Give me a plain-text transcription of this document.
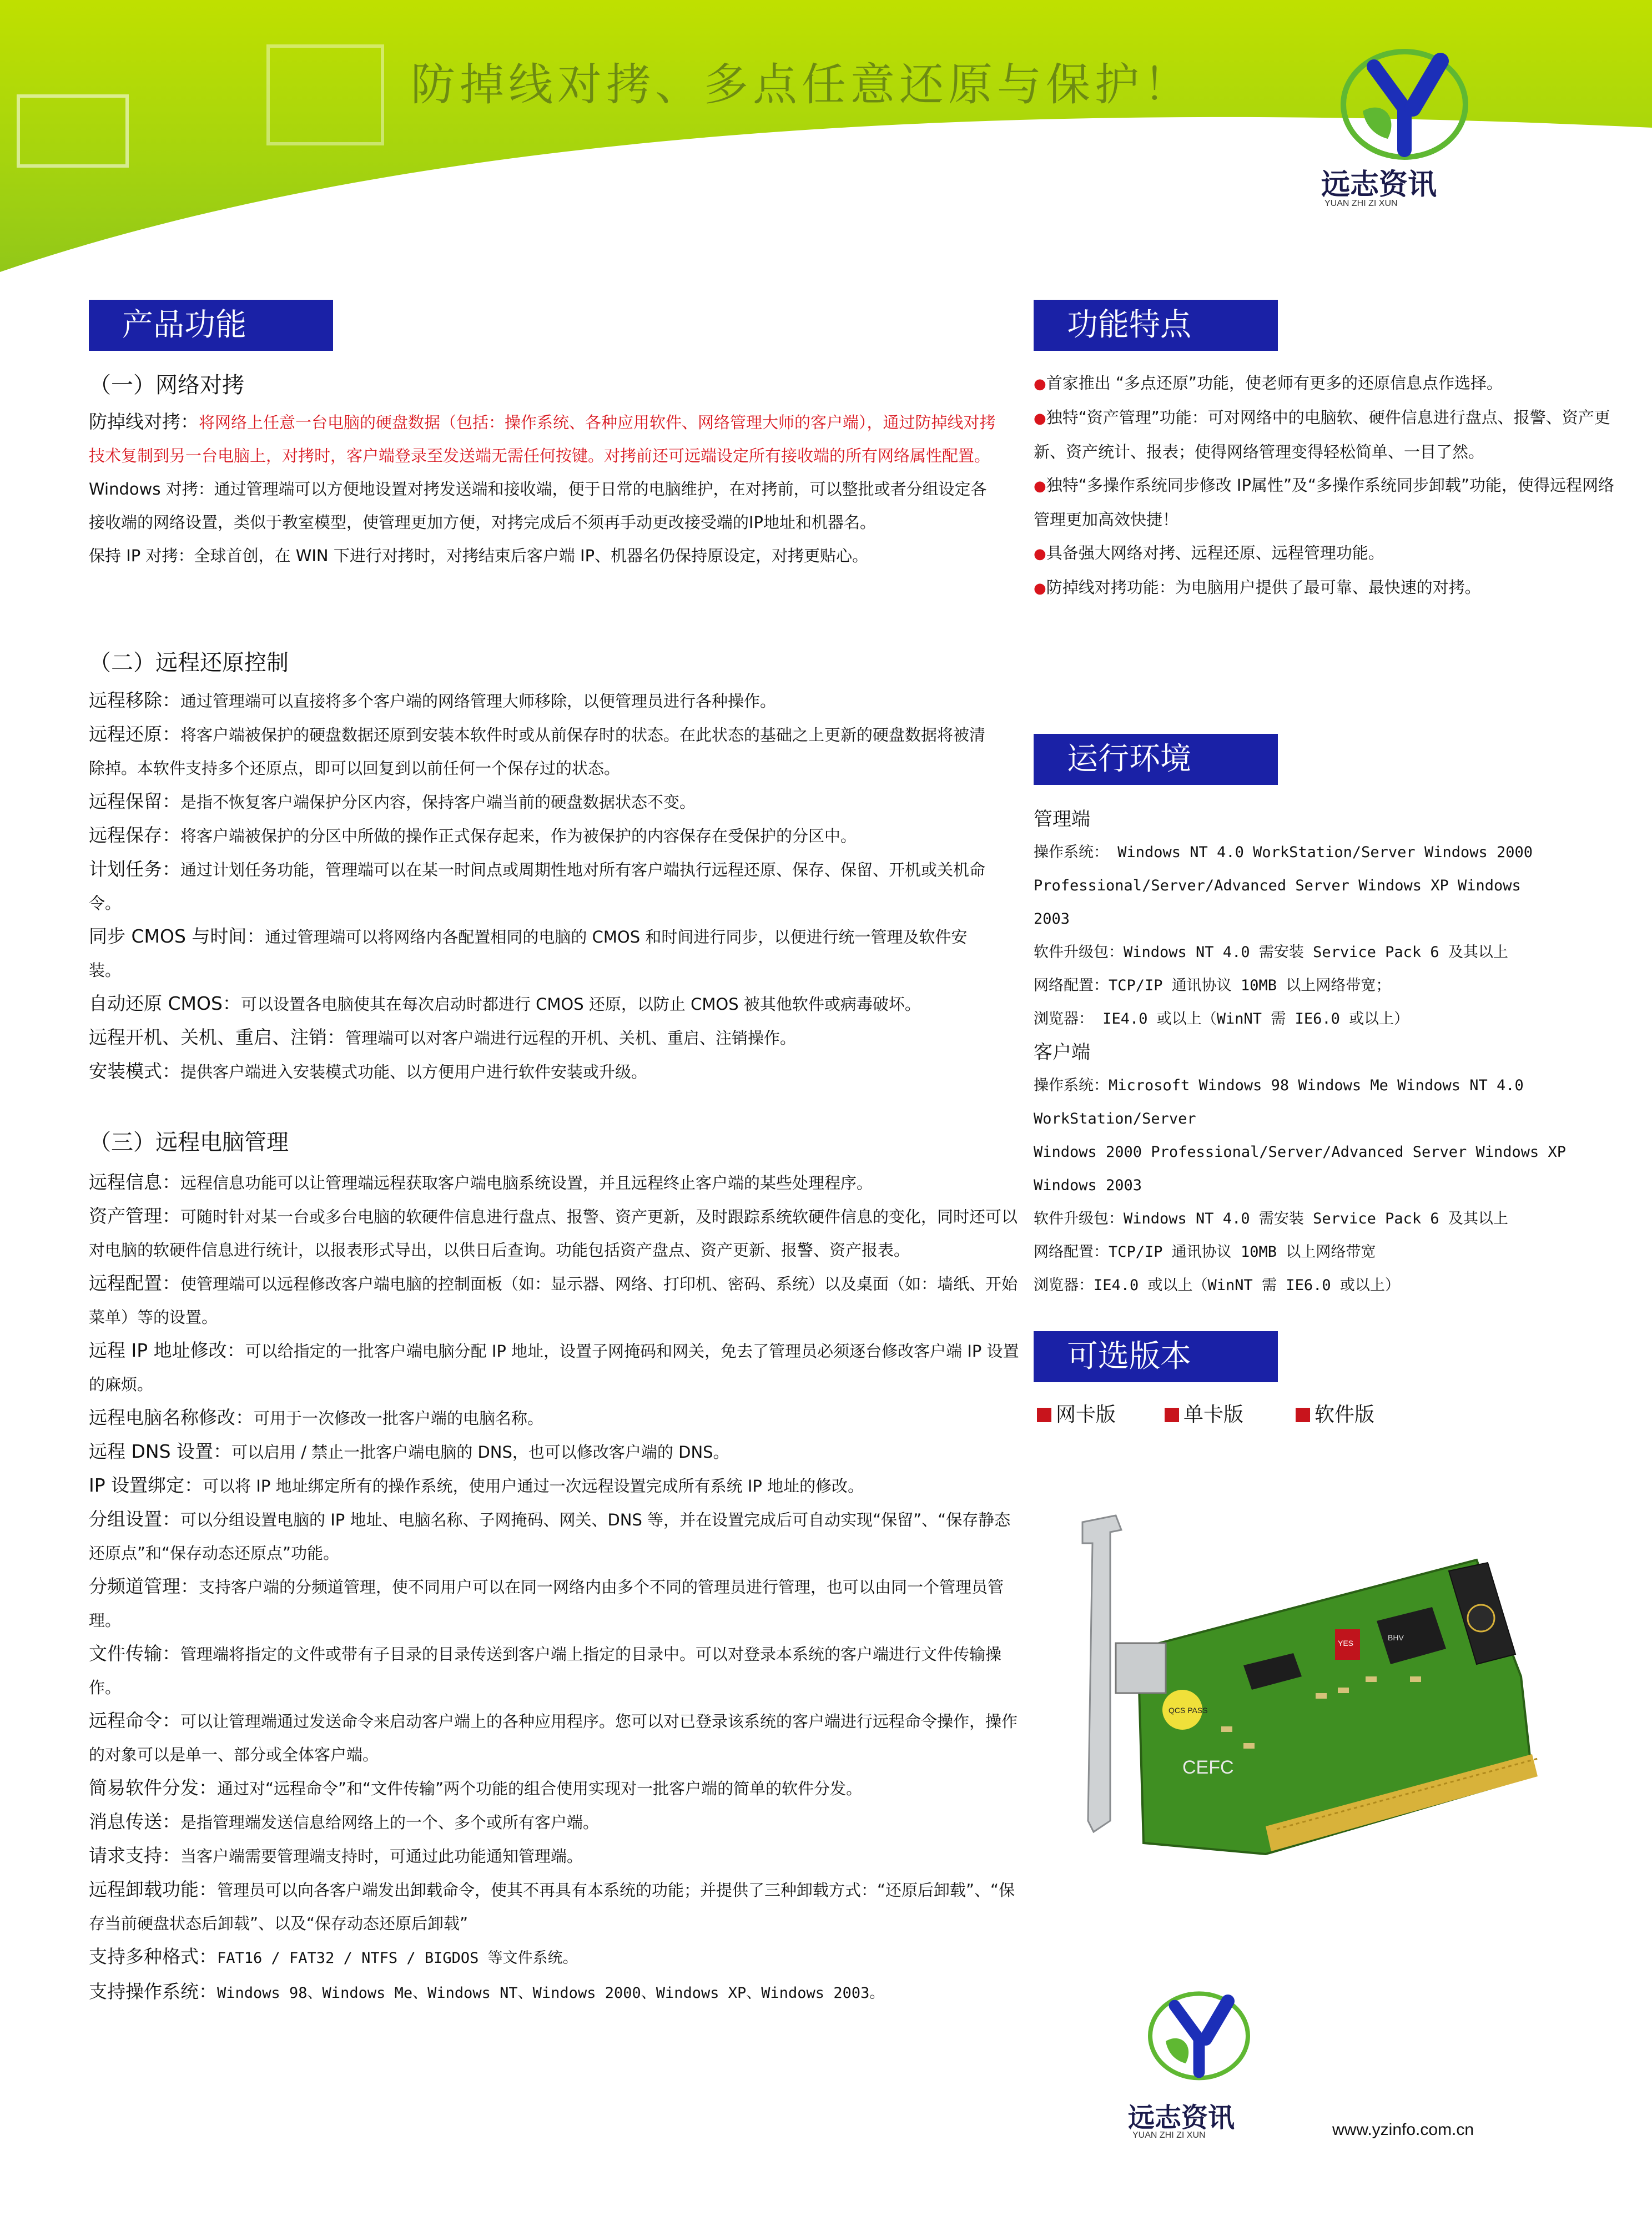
防掉线对拷、多点任意还原与保护！
远志资讯
YUAN ZHI ZI XUN
产品功能
（一）网络对拷

防掉线对拷：将网络上任意一台电脑的硬盘数据（包括：操作系统、各种应用软件、网络管理大师的客户端），通过防掉线对拷技术复制到另一台电脑上，对拷时，客户端登录至发送端无需任何按键。对拷前还可远端设定所有接收端的所有网络属性配置。

Windows 对拷：通过管理端可以方便地设置对拷发送端和接收端，便于日常的电脑维护，在对拷前，可以整批或者分组设定各接收端的网络设置，类似于教室模型，使管理更加方便，对拷完成后不须再手动更改接受端的IP地址和机器名。

保持 IP 对拷：全球首创，在 WIN 下进行对拷时，对拷结束后客户端 IP、机器名仍保持原设定，对拷更贴心。

（二）远程还原控制

远程移除：通过管理端可以直接将多个客户端的网络管理大师移除，以便管理员进行各种操作。

远程还原：将客户端被保护的硬盘数据还原到安装本软件时或从前保存时的状态。在此状态的基础之上更新的硬盘数据将被清除掉。本软件支持多个还原点，即可以回复到以前任何一个保存过的状态。

远程保留：是指不恢复客户端保护分区内容，保持客户端当前的硬盘数据状态不变。

远程保存：将客户端被保护的分区中所做的操作正式保存起来，作为被保护的内容保存在受保护的分区中。

计划任务：通过计划任务功能，管理端可以在某一时间点或周期性地对所有客户端执行远程还原、保存、保留、开机或关机命令。

同步 CMOS 与时间：通过管理端可以将网络内各配置相同的电脑的 CMOS 和时间进行同步，以便进行统一管理及软件安装。

自动还原 CMOS：可以设置各电脑使其在每次启动时都进行 CMOS 还原，以防止 CMOS 被其他软件或病毒破坏。

远程开机、关机、重启、注销：管理端可以对客户端进行远程的开机、关机、重启、注销操作。

安装模式：提供客户端进入安装模式功能、以方便用户进行软件安装或升级。

（三）远程电脑管理

远程信息：远程信息功能可以让管理端远程获取客户端电脑系统设置，并且远程终止客户端的某些处理程序。

资产管理：可随时针对某一台或多台电脑的软硬件信息进行盘点、报警、资产更新，及时跟踪系统软硬件信息的变化，同时还可以对电脑的软硬件信息进行统计，以报表形式导出，以供日后查询。功能包括资产盘点、资产更新、报警、资产报表。

远程配置：使管理端可以远程修改客户端电脑的控制面板（如：显示器、网络、打印机、密码、系统）以及桌面（如：墙纸、开始菜单）等的设置。

远程 IP 地址修改：可以给指定的一批客户端电脑分配 IP 地址，设置子网掩码和网关，免去了管理员必须逐台修改客户端 IP 设置的麻烦。

远程电脑名称修改：可用于一次修改一批客户端的电脑名称。

远程 DNS 设置：可以启用 / 禁止一批客户端电脑的 DNS，也可以修改客户端的 DNS。

IP 设置绑定：可以将 IP 地址绑定所有的操作系统，使用户通过一次远程设置完成所有系统 IP 地址的修改。

分组设置：可以分组设置电脑的 IP 地址、电脑名称、子网掩码、网关、DNS 等，并在设置完成后可自动实现“保留”、“保存静态还原点”和“保存动态还原点”功能。

分频道管理：支持客户端的分频道管理，使不同用户可以在同一网络内由多个不同的管理员进行管理，也可以由同一个管理员管理。

文件传输：管理端将指定的文件或带有子目录的目录传送到客户端上指定的目录中。可以对登录本系统的客户端进行文件传输操作。

远程命令：可以让管理端通过发送命令来启动客户端上的各种应用程序。您可以对已登录该系统的客户端进行远程命令操作，操作的对象可以是单一、部分或全体客户端。

简易软件分发：通过对“远程命令”和“文件传输”两个功能的组合使用实现对一批客户端的简单的软件分发。

消息传送：是指管理端发送信息给网络上的一个、多个或所有客户端。

请求支持：当客户端需要管理端支持时，可通过此功能通知管理端。

远程卸载功能：管理员可以向各客户端发出卸载命令，使其不再具有本系统的功能；并提供了三种卸载方式：“还原后卸载”、“保存当前硬盘状态后卸载”、以及“保存动态还原后卸载”

支持多种格式：FAT16 / FAT32 / NTFS / BIGDOS 等文件系统。

支持操作系统：Windows 98、Windows Me、Windows NT、Windows 2000、Windows XP、Windows 2003。

功能特点

●首家推出 “多点还原”功能，使老师有更多的还原信息点作选择。

●独特“资产管理”功能：可对网络中的电脑软、硬件信息进行盘点、报警、资产更新、资产统计、报表；使得网络管理变得轻松简单、一目了然。

●独特“多操作系统同步修改 IP属性”及“多操作系统同步卸载”功能，使得远程网络管理更加高效快捷！

●具备强大网络对拷、远程还原、远程管理功能。

●防掉线对拷功能：为电脑用户提供了最可靠、最快速的对拷。

运行环境

管理端

操作系统： Windows NT 4.0 WorkStation/Server Windows 2000

Professional/Server/Advanced Server Windows XP Windows

2003

软件升级包：Windows NT 4.0 需安装 Service Pack 6 及其以上

网络配置：TCP/IP 通讯协议 10MB 以上网络带宽；

浏览器： IE4.0 或以上（WinNT 需 IE6.0 或以上）

客户端

操作系统：Microsoft Windows 98 Windows Me Windows NT 4.0

WorkStation/Server

Windows 2000 Professional/Server/Advanced Server Windows XP

Windows 2003

软件升级包：Windows NT 4.0 需安装 Service Pack 6 及其以上

网络配置：TCP/IP 通讯协议 10MB 以上网络带宽

浏览器：IE4.0 或以上（WinNT 需 IE6.0 或以上）

可选版本
网卡版	单卡版	软件版
YES
BHV
QCS PASS
CEFC
远志资讯
YUAN ZHI ZI XUN	www.yzinfo.com.cn
